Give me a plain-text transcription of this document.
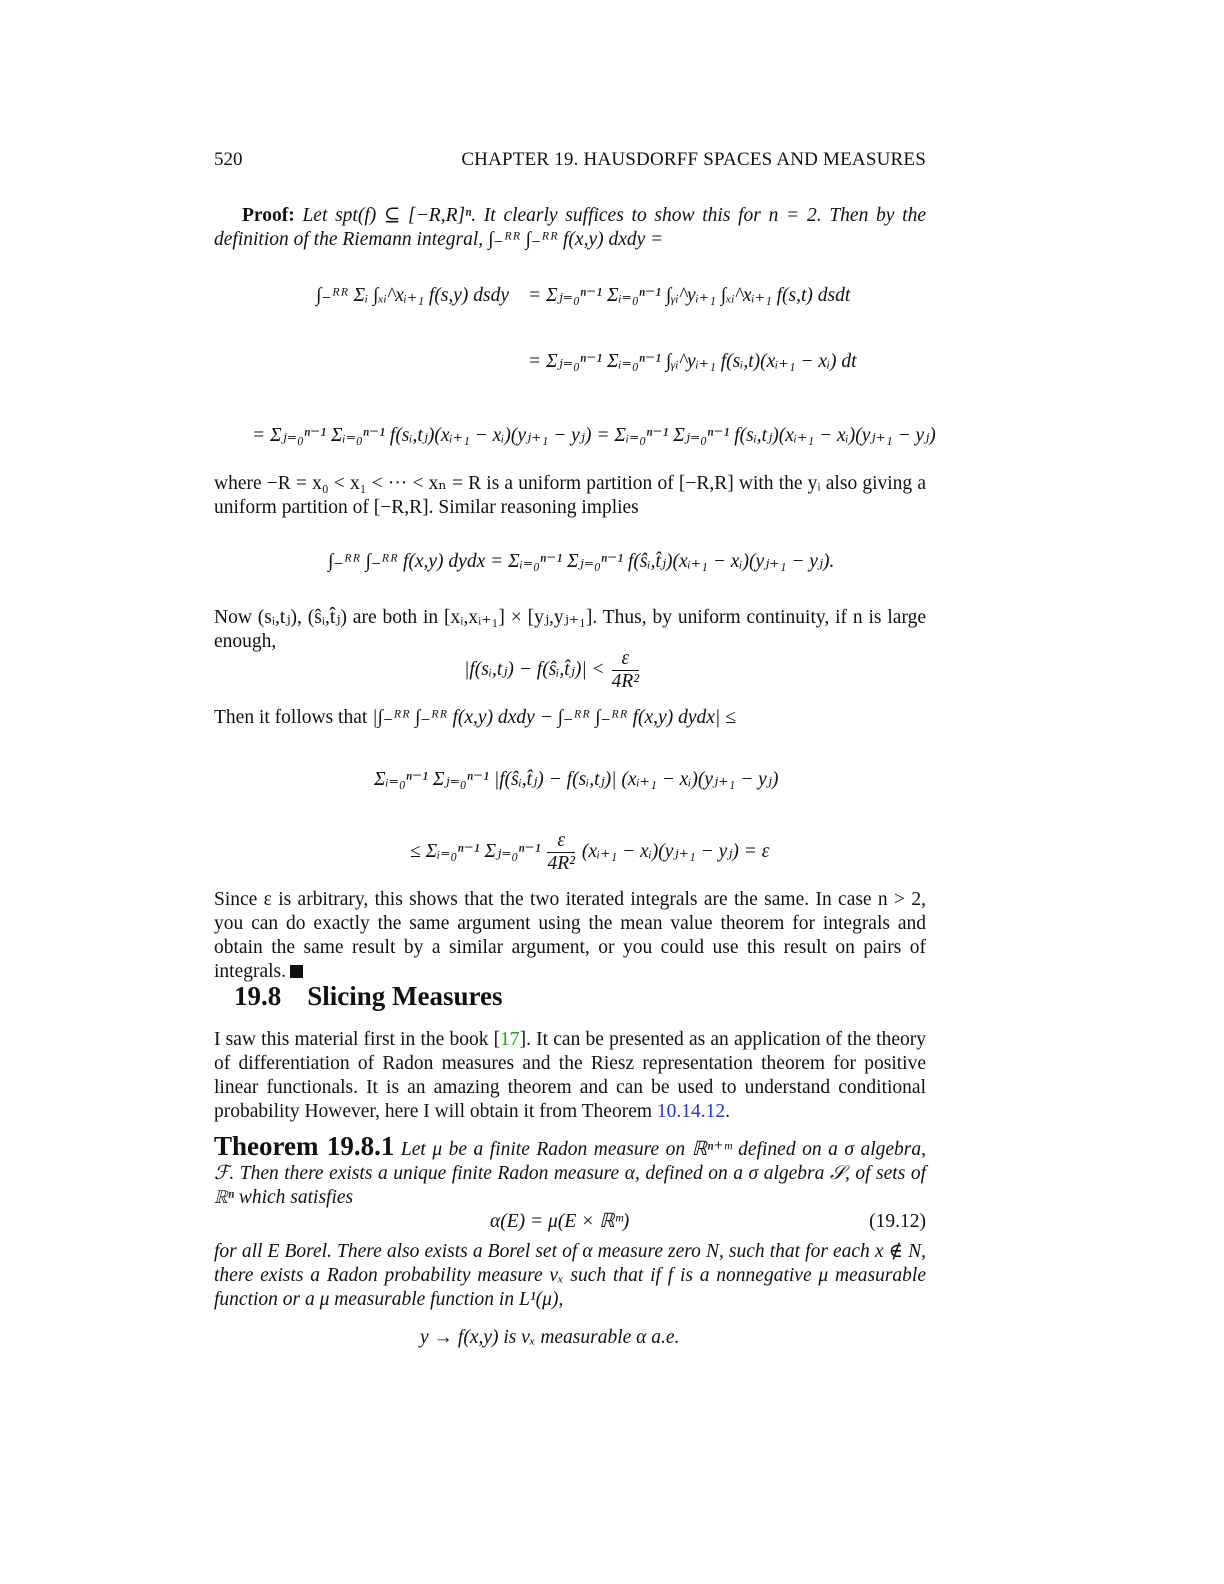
520	CHAPTER 19. HAUSDORFF SPACES AND MEASURES
Proof: Let spt(f) ⊆ [−R,R]ⁿ. It clearly suffices to show this for n = 2. Then by the definition of the Riemann integral, ∫₋ᴿᴿ ∫₋ᴿᴿ f(x,y) dxdy =
∫₋ᴿᴿ Σᵢ ∫ₓᵢ^xᵢ₊₁ f(s,y) dsdy = Σⱼ₌₀ⁿ⁻¹ Σᵢ₌₀ⁿ⁻¹ ∫ᵧᵢ^yᵢ₊₁ ∫ₓᵢ^xᵢ₊₁ f(s,t) dsdt
= Σⱼ₌₀ⁿ⁻¹ Σᵢ₌₀ⁿ⁻¹ ∫ᵧᵢ^yᵢ₊₁ f(sᵢ,t)(xᵢ₊₁ − xᵢ) dt
= Σⱼ₌₀ⁿ⁻¹ Σᵢ₌₀ⁿ⁻¹ f(sᵢ,tⱼ)(xᵢ₊₁ − xᵢ)(yⱼ₊₁ − yⱼ) = Σᵢ₌₀ⁿ⁻¹ Σⱼ₌₀ⁿ⁻¹ f(sᵢ,tⱼ)(xᵢ₊₁ − xᵢ)(yⱼ₊₁ − yⱼ)
where −R = x₀ < x₁ < ··· < xₙ = R is a uniform partition of [−R,R] with the yᵢ also giving a uniform partition of [−R,R]. Similar reasoning implies
∫₋ᴿᴿ ∫₋ᴿᴿ f(x,y) dydx = Σᵢ₌₀ⁿ⁻¹ Σⱼ₌₀ⁿ⁻¹ f(ŝᵢ,t̂ⱼ)(xᵢ₊₁ − xᵢ)(yⱼ₊₁ − yⱼ).
Now (sᵢ,tⱼ), (ŝᵢ,t̂ⱼ) are both in [xᵢ,xᵢ₊₁] × [yⱼ,yⱼ₊₁]. Thus, by uniform continuity, if n is large enough,
|f(sᵢ,tⱼ) − f(ŝᵢ,t̂ⱼ)| < $\frac{\varepsilon}{\text{4R²}}$
Then it follows that |∫₋ᴿᴿ ∫₋ᴿᴿ f(x,y) dxdy − ∫₋ᴿᴿ ∫₋ᴿᴿ f(x,y) dydx| ≤
Σᵢ₌₀ⁿ⁻¹ Σⱼ₌₀ⁿ⁻¹ |f(ŝᵢ,t̂ⱼ) − f(sᵢ,tⱼ)| (xᵢ₊₁ − xᵢ)(yⱼ₊₁ − yⱼ)
≤ Σᵢ₌₀ⁿ⁻¹ Σⱼ₌₀ⁿ⁻¹ $\frac{\varepsilon}{\text{4R²}}$ (xᵢ₊₁ − xᵢ)(yⱼ₊₁ − yⱼ) = ε
Since ε is arbitrary, this shows that the two iterated integrals are the same. In case n > 2, you can do exactly the same argument using the mean value theorem for integrals and obtain the same result by a similar argument, or you could use this result on pairs of integrals.
19.8 Slicing Measures
I saw this material first in the book [17]. It can be presented as an application of the theory of differentiation of Radon measures and the Riesz representation theorem for positive linear functionals. It is an amazing theorem and can be used to understand conditional probability However, here I will obtain it from Theorem 10.14.12.
Theorem 19.8.1 Let μ be a finite Radon measure on ℝⁿ⁺ᵐ defined on a σ algebra, ℱ. Then there exists a unique finite Radon measure α, defined on a σ algebra 𝒮, of sets of ℝⁿ which satisfies
α(E) = μ(E × ℝᵐ)	(19.12)
for all E Borel. There also exists a Borel set of α measure zero N, such that for each x ∉ N, there exists a Radon probability measure νₓ such that if f is a nonnegative μ measurable function or a μ measurable function in L¹(μ),
y → f(x,y) is νₓ measurable α a.e.
